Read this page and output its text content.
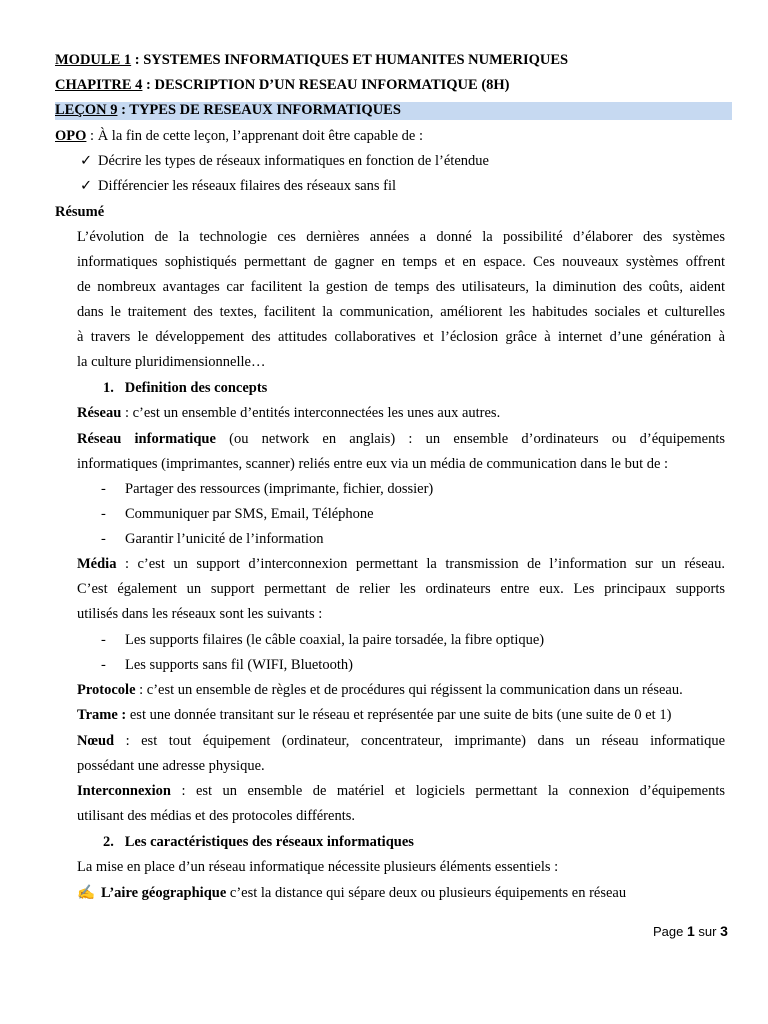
MODULE 1 : SYSTEMES INFORMATIQUES ET HUMANITES NUMERIQUES
CHAPITRE 4 : DESCRIPTION D’UN RESEAU INFORMATIQUE (8H)
LEÇON 9 : TYPES DE RESEAUX INFORMATIQUES
OPO : À la fin de cette leçon, l’apprenant doit être capable de :
✓ Décrire les types de réseaux informatiques en fonction de l’étendue
✓ Différencier les réseaux filaires des réseaux sans fil
Résumé
L’évolution de la technologie ces dernières années a donné la possibilité d’élaborer des systèmes
informatiques sophistiqués permettant de gagner en temps et en espace. Ces nouveaux systèmes offrent
de nombreux avantages car facilitent la gestion de temps des utilisateurs, la diminution des coûts, aident
dans le traitement des textes, facilitent la communication, améliorent les habitudes sociales et culturelles
à travers le développement des attitudes collaboratives et l’éclosion grâce à internet d’une génération à
la culture pluridimensionnelle…
1. Definition des concepts
Réseau : c’est un ensemble d’entités interconnectées les unes aux autres.
Réseau informatique (ou network en anglais) : un ensemble d’ordinateurs ou d’équipements
informatiques (imprimantes, scanner) reliés entre eux via un média de communication dans le but de :
- Partager des ressources (imprimante, fichier, dossier)
- Communiquer par SMS, Email, Téléphone
- Garantir l’unicité de l’information
Média : c’est un support d’interconnexion permettant la transmission de l’information sur un réseau.
C’est également un support permettant de relier les ordinateurs entre eux. Les principaux supports
utilisés dans les réseaux sont les suivants :
- Les supports filaires (le câble coaxial, la paire torsadée, la fibre optique)
- Les supports sans fil (WIFI, Bluetooth)
Protocole : c’est un ensemble de règles et de procédures qui régissent la communication dans un réseau.
Trame : est une donnée transitant sur le réseau et représentée par une suite de bits (une suite de 0 et 1)
Nœud : est tout équipement (ordinateur, concentrateur, imprimante) dans un réseau informatique
possédant une adresse physique.
Interconnexion : est un ensemble de matériel et logiciels permettant la connexion d’équipements
utilisant des médias et des protocoles différents.
2. Les caractéristiques des réseaux informatiques
La mise en place d’un réseau informatique nécessite plusieurs éléments essentiels :
✍ L’aire géographique c’est la distance qui sépare deux ou plusieurs équipements en réseau
Page 1 sur 3
